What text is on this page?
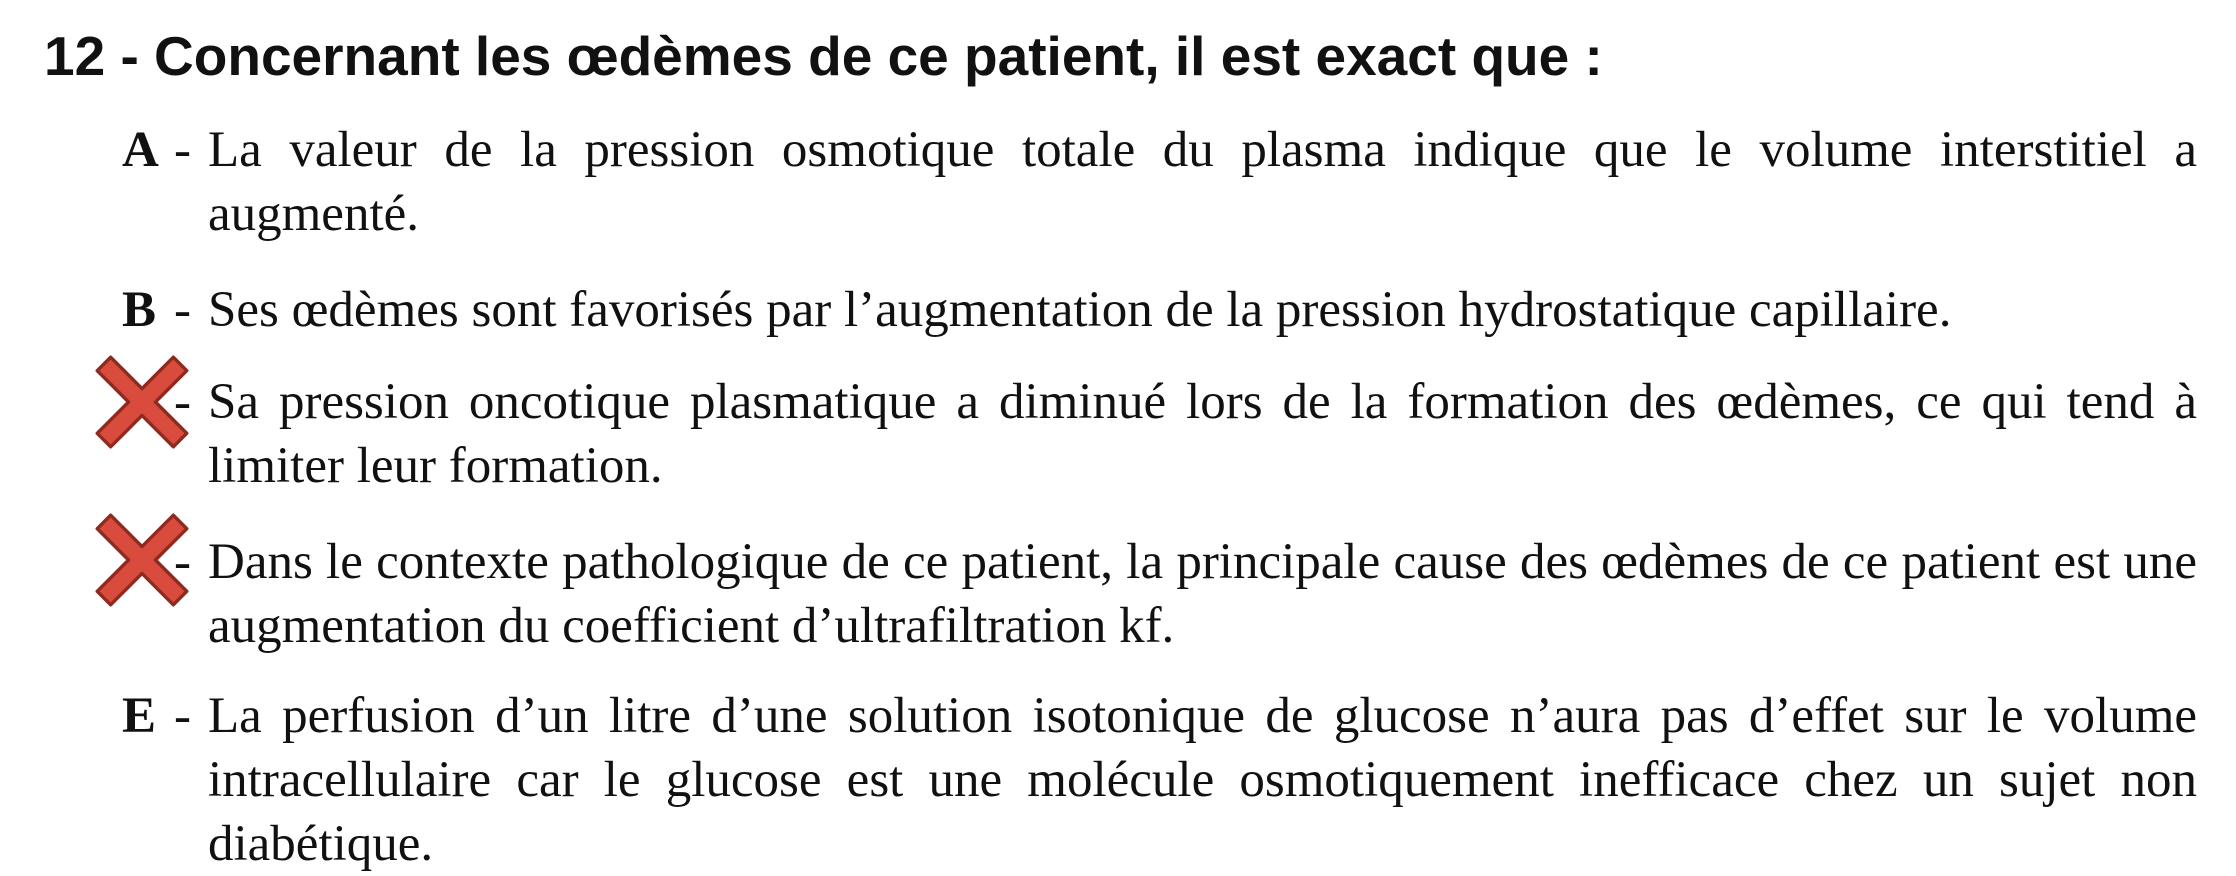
12 - Concernant les œdèmes de ce patient, il est exact que :
A - La valeur de la pression osmotique totale du plasma indique que le volume interstitiel a augmenté.
B - Ses œdèmes sont favorisés par l’augmentation de la pression hydrostatique capillaire.
- Sa pression oncotique plasmatique a diminué lors de la formation des œdèmes, ce qui tend à limiter leur formation.
- Dans le contexte pathologique de ce patient, la principale cause des œdèmes de ce patient est une augmentation du coefficient d’ultrafiltration kf.
E - La perfusion d’un litre d’une solution isotonique de glucose n’aura pas d’effet sur le volume intracellulaire car le glucose est une molécule osmotiquement inefficace chez un sujet non diabétique.
